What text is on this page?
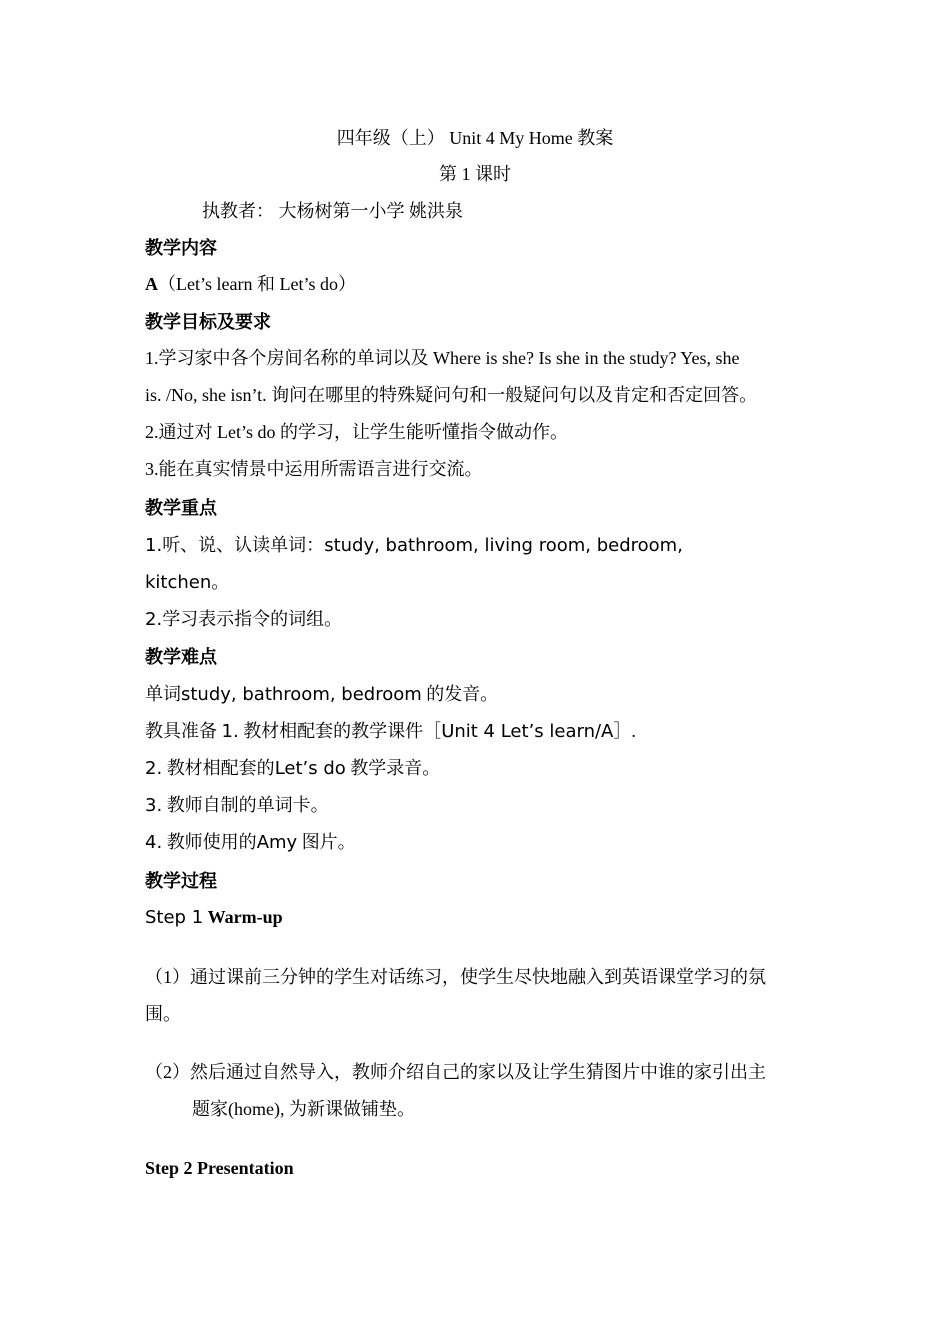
四年级（上） Unit 4 My Home 教案
第 1 课时
执教者： 大杨树第一小学 姚洪泉
教学内容
A（Let’s learn 和 Let’s do）
教学目标及要求
1.学习家中各个房间名称的单词以及 Where is she? Is she in the study? Yes, she
is. /No, she isn’t. 询问在哪里的特殊疑问句和一般疑问句以及肯定和否定回答。
2.通过对 Let’s do 的学习，让学生能听懂指令做动作。
3.能在真实情景中运用所需语言进行交流。
教学重点
1.听、说、认读单词：study, bathroom, living room, bedroom,
kitchen。
2.学习表示指令的词组。
教学难点
单词study, bathroom, bedroom 的发音。
教具准备 1. 教材相配套的教学课件［Unit 4 Let’s learn/A］.
2. 教材相配套的Let’s do 教学录音。
3. 教师自制的单词卡。
4. 教师使用的Amy 图片。
教学过程
Step 1 Warm-up
（1）通过课前三分钟的学生对话练习，使学生尽快地融入到英语课堂学习的氛
围。
（2）然后通过自然导入，教师介绍自己的家以及让学生猜图片中谁的家引出主
题家(home), 为新课做铺垫。
Step 2 Presentation
